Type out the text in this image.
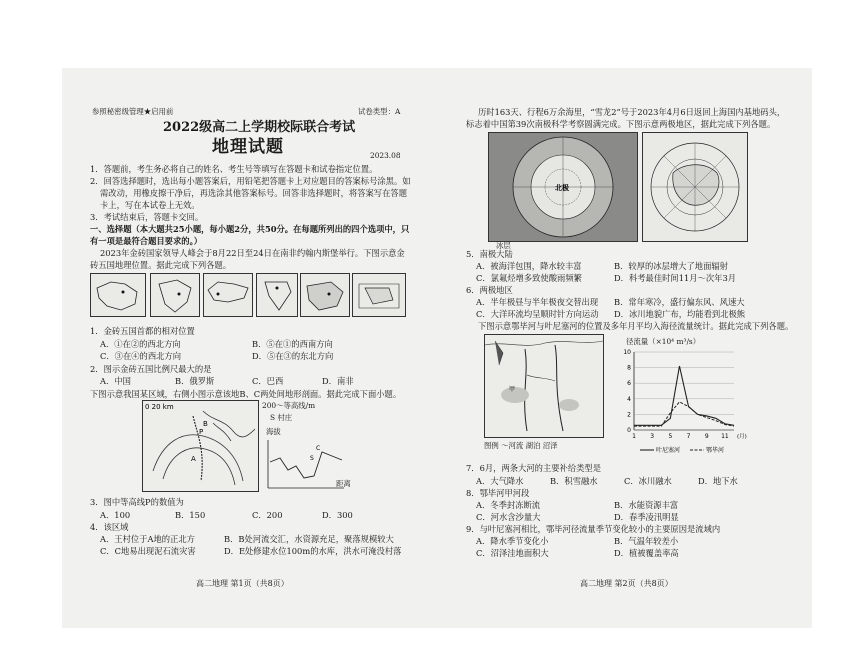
参照秘密级管理★启用前	试卷类型：A
2022级高二上学期校际联合考试
地理试题	2023.08
1．答题前，考生务必将自己的姓名、考生号等填写在答题卡和试卷指定位置。
2．回答选择题时，选出每小题答案后，用铅笔把答题卡上对应题目的答案标号涂黑。如
需改动，用橡皮擦干净后，再选涂其他答案标号。回答非选择题时，将答案写在答题
卡上，写在本试卷上无效。
3．考试结束后，答题卡交回。
一、选择题（本大题共25小题，每小题2分，共50分。在每题所列出的四个选项中，只
有一项是最符合题目要求的。）
2023年金砖国家领导人峰会于8月22日至24日在南非约翰内斯堡举行。下图示意金
砖五国地理位置。据此完成下列各题。
1．金砖五国首都的相对位置
A．①在②的西北方向	B．⑤在①的西南方向
C．③在④的西北方向	D．⑤在③的东北方向
2．图示金砖五国比例尺最大的是
A．中国	B．俄罗斯	C．巴西	D．南非
下图示意我国某区域，右侧小图示意该地B、C两处间地形剖面。据此完成下面小题。
0 20 km
P
B
A
200～等高线/m
S 村庄
S
C
海拔
距离
3．图中等高线P的数值为
A．100	B．150	C．200	D．300
4．该区域
A．王村位于A地的正北方	B．B处河流交汇，水资源充足，聚落规模较大
C．C地易出现泥石流灾害	D．E处修建水位100m的水库，洪水可淹没村落
高二地理 第1页（共8页）
历时163天、行程6万余海里，“雪龙2”号于2023年4月6日返回上海国内基地码头，
标志着中国第39次南极科学考察圆满完成。下图示意两极地区，据此完成下列各题。
北极
冰层
5．南极大陆
A．被海洋包围，降水较丰富	B．较厚的冰层增大了地面辐射
C．氯氟烃增多致使酸雨频繁	D．科考最佳时间11月～次年3月
6．两极地区
A．半年极昼与半年极夜交替出现 B．常年寒冷，盛行偏东风、风速大
C．大洋环流均呈顺时针方向运动 D．冰川地貌广布，均能看到北极熊
下图示意鄂毕河与叶尼塞河的位置及多年月平均入海径流量统计。据此完成下列各题。
甲
图例 ～河流 湖泊 沼泽
径流量（×10⁴ m³/s）
0
2
4
6
8
10
1 3 5 7 9 11 (月)
叶尼塞河	鄂毕河
7．6月，两条大河的主要补给类型是
A．大气降水	B．积雪融水	C．冰川融水	D．地下水
8．鄂毕河甲河段
A．冬季封冻断流	B．水能资源丰富
C．河水含沙量大	D．春季凌汛明显
9．与叶尼塞河相比，鄂毕河径流量季节变化较小的主要原因是流域内
A．降水季节变化小	B．气温年较差小
C．沼泽洼地面积大	D．植被覆盖率高
高二地理 第2页（共8页）
